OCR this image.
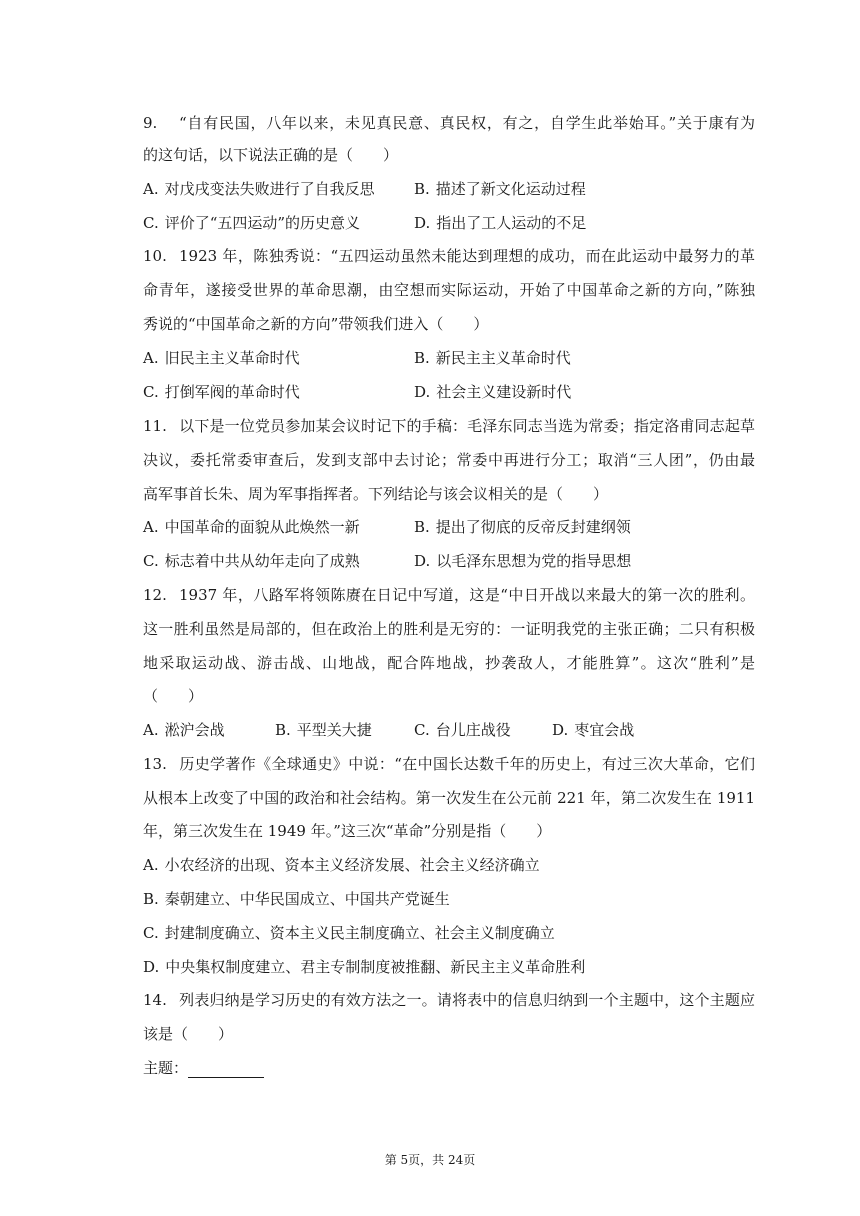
9. “自有民国，八年以来，未见真民意、真民权，有之，自学生此举始耳。”关于康有为
的这句话，以下说法正确的是（　　）
A. 对戊戌变法失败进行了自我反思	B. 描述了新文化运动过程
C. 评价了“五四运动”的历史意义	D. 指出了工人运动的不足
10. 1923 年，陈独秀说：“五四运动虽然未能达到理想的成功，而在此运动中最努力的革
命青年，遂接受世界的革命思潮，由空想而实际运动，开始了中国革命之新的方向，”陈独
秀说的“中国革命之新的方向”带领我们进入（　　）
A. 旧民主主义革命时代	B. 新民主主义革命时代
C. 打倒军阀的革命时代	D. 社会主义建设新时代
11. 以下是一位党员参加某会议时记下的手稿：毛泽东同志当选为常委；指定洛甫同志起草
决议，委托常委审查后，发到支部中去讨论；常委中再进行分工；取消“三人团”，仍由最
高军事首长朱、周为军事指挥者。下列结论与该会议相关的是（　　）
A. 中国革命的面貌从此焕然一新	B. 提出了彻底的反帝反封建纲领
C. 标志着中共从幼年走向了成熟	D. 以毛泽东思想为党的指导思想
12. 1937 年，八路军将领陈赓在日记中写道，这是“中日开战以来最大的第一次的胜利。
这一胜利虽然是局部的，但在政治上的胜利是无穷的：一证明我党的主张正确；二只有积极
地采取运动战、游击战、山地战，配合阵地战，抄袭敌人，才能胜算”。这次“胜利”是
（　　）
A. 淞沪会战	B. 平型关大捷	C. 台儿庄战役	D. 枣宜会战
13. 历史学著作《全球通史》中说：“在中国长达数千年的历史上，有过三次大革命，它们
从根本上改变了中国的政治和社会结构。第一次发生在公元前 221 年，第二次发生在 1911
年，第三次发生在 1949 年。”这三次“革命”分别是指（　　）
A. 小农经济的出现、资本主义经济发展、社会主义经济确立
B. 秦朝建立、中华民国成立、中国共产党诞生
C. 封建制度确立、资本主义民主制度确立、社会主义制度确立
D. 中央集权制度建立、君主专制制度被推翻、新民主主义革命胜利
14. 列表归纳是学习历史的有效方法之一。请将表中的信息归纳到一个主题中，这个主题应
该是（　　）
主题：
第 5页，共 24页
